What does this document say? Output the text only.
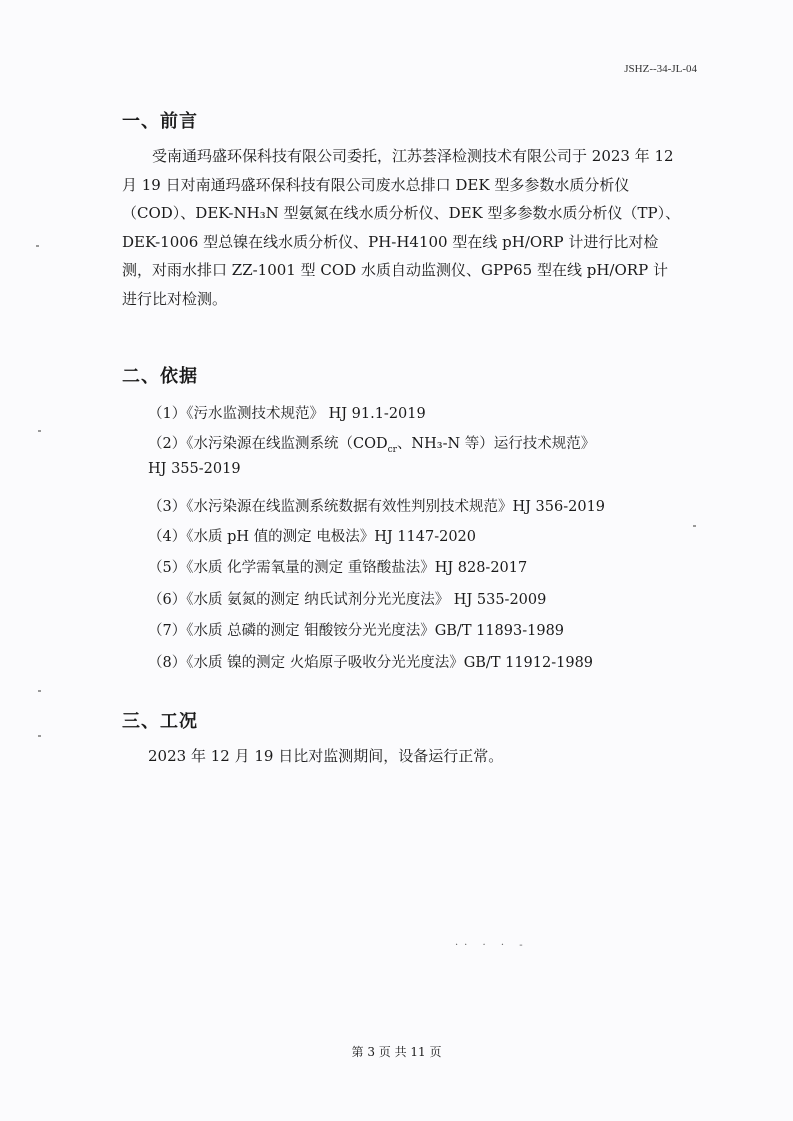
JSHZ--34-JL-04
一、前言
受南通玛盛环保科技有限公司委托，江苏荟泽检测技术有限公司于 2023 年 12 月 19 日对南通玛盛环保科技有限公司废水总排口 DEK 型多参数水质分析仪（COD）、DEK-NH₃N 型氨氮在线水质分析仪、DEK 型多参数水质分析仪（TP）、DEK-1006 型总镍在线水质分析仪、PH-H4100 型在线 pH/ORP 计进行比对检测，对雨水排口 ZZ-1001 型 COD 水质自动监测仪、GPP65 型在线 pH/ORP 计进行比对检测。
二、依据
（1）《污水监测技术规范》 HJ 91.1-2019
（2）《水污染源在线监测系统（$COD_{cr}$、NH₃-N 等）运行技术规范》
HJ 355-2019
（3）《水污染源在线监测系统数据有效性判别技术规范》HJ 356-2019
（4）《水质 pH 值的测定 电极法》HJ 1147-2020
（5）《水质 化学需氧量的测定 重铬酸盐法》HJ 828-2017
（6）《水质 氨氮的测定 纳氏试剂分光光度法》 HJ 535-2009
（7）《水质 总磷的测定 钼酸铵分光光度法》GB/T 11893-1989
（8）《水质 镍的测定 火焰原子吸收分光光度法》GB/T 11912-1989
三、工况
2023 年 12 月 19 日比对监测期间，设备运行正常。
·· · · -
第 3 页 共 11 页
